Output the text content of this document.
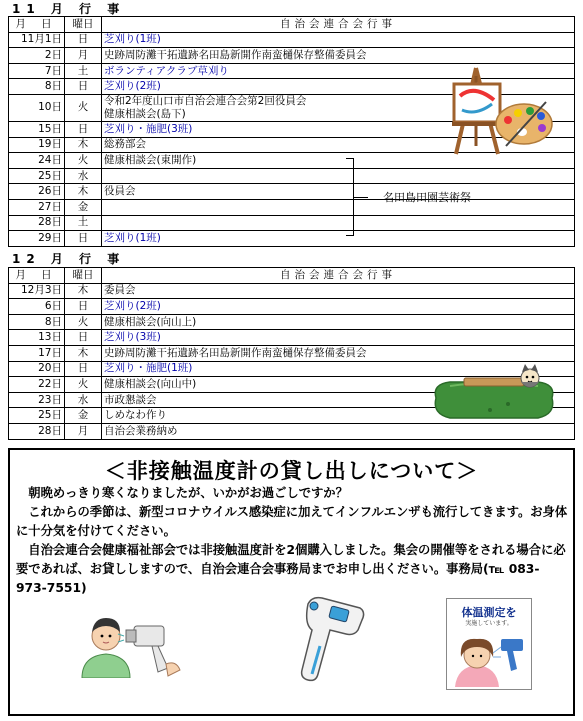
11 月 行 事
月 日	曜日	自治会連合会行事
11月1日	日	芝刈り(1班)
2日	月	史跡周防灘干拓遺跡名田島新開作南蛮樋保存整備委員会
7日	土	ボランティアクラブ草刈り
8日	日	芝刈り(2班)
10日	火	令和2年度山口市自治会連合会第2回役員会
健康相談会(島下)

15日	日	芝刈り・施肥(3班)
19日	木	総務部会
24日	火	健康相談会(東開作)
25日	水	
26日	木	役員会
27日	金	
28日	土	
29日	日	芝刈り(1班)
名田島田園芸術祭
12 月 行 事
月 日	曜日	自治会連合会行事
12月3日	木	委員会
6日	日	芝刈り(2班)
8日	火	健康相談会(向山上)
13日	日	芝刈り(3班)
17日	木	史跡周防灘干拓遺跡名田島新開作南蛮樋保存整備委員会
20日	日	芝刈り・施肥(1班)
22日	火	健康相談会(向山中)
23日	水	市政懇談会
25日	金	しめなわ作り
28日	月	自治会業務納め
＜非接触温度計の貸し出しについて＞

朝晩めっきり寒くなりましたが、いかがお過ごしですか？

これからの季節は、新型コロナウイルス感染症に加えてインフルエンザも流行してきます。お身体に十分気を付けてください。

自治会連合会健康福祉部会では非接触温度計を2個購入しました。集会の開催等をされる場合に必要であれば、お貸ししますので、自治会連合会事務局までお申し出ください。事務局(℡ 083-973-7551)

体温測定を
実施しています。
